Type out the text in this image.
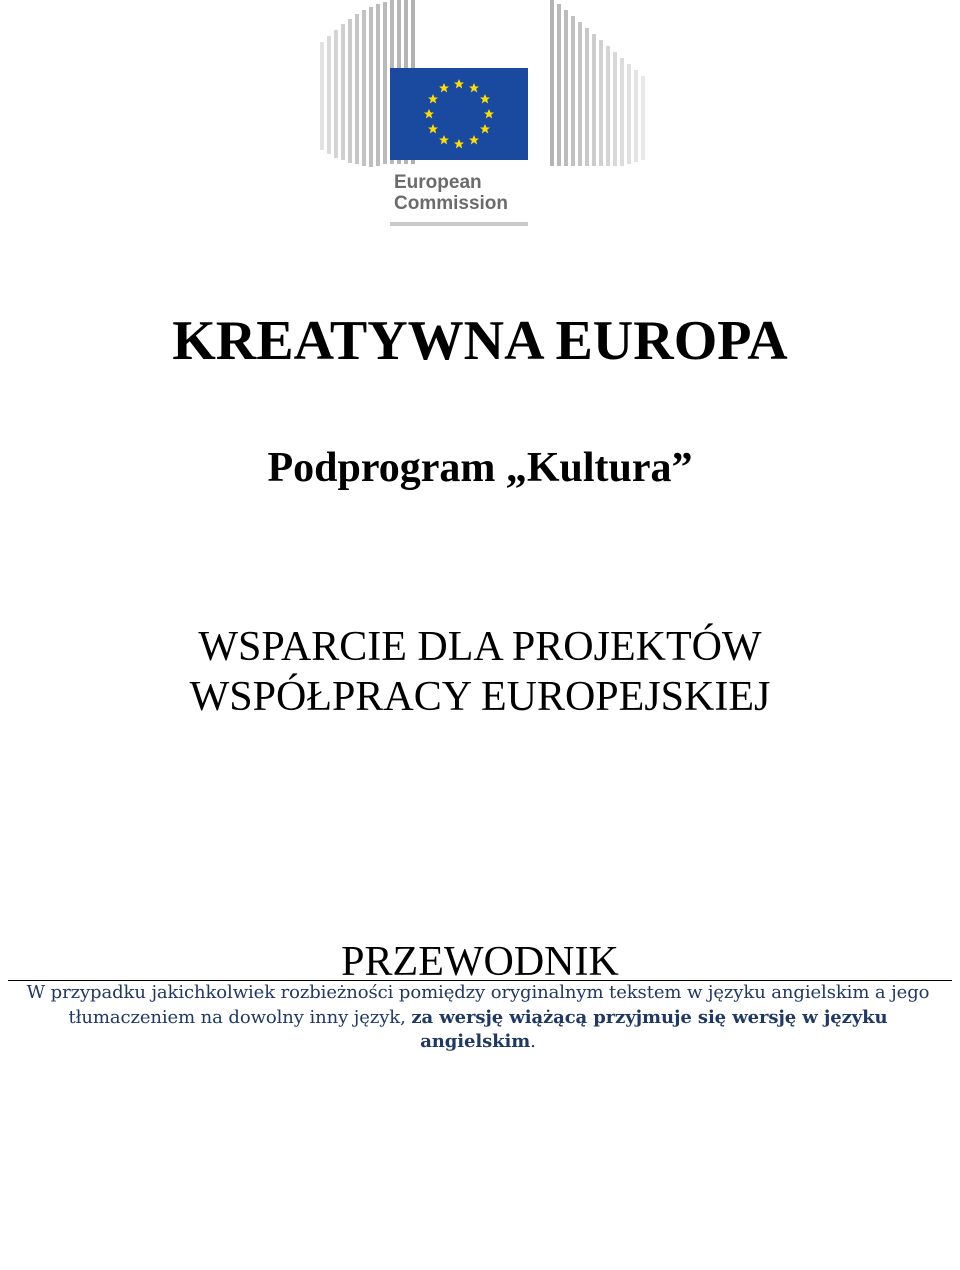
European
Commission
KREATYWNA EUROPA
Podprogram „Kultura”
WSPARCIE DLA PROJEKTÓW
WSPÓŁPRACY EUROPEJSKIEJ
PRZEWODNIK
W przypadku jakichkolwiek rozbieżności pomiędzy oryginalnym tekstem w języku angielskim a jego tłumaczeniem na dowolny inny język, za wersję wiążącą przyjmuje się wersję w języku angielskim.
